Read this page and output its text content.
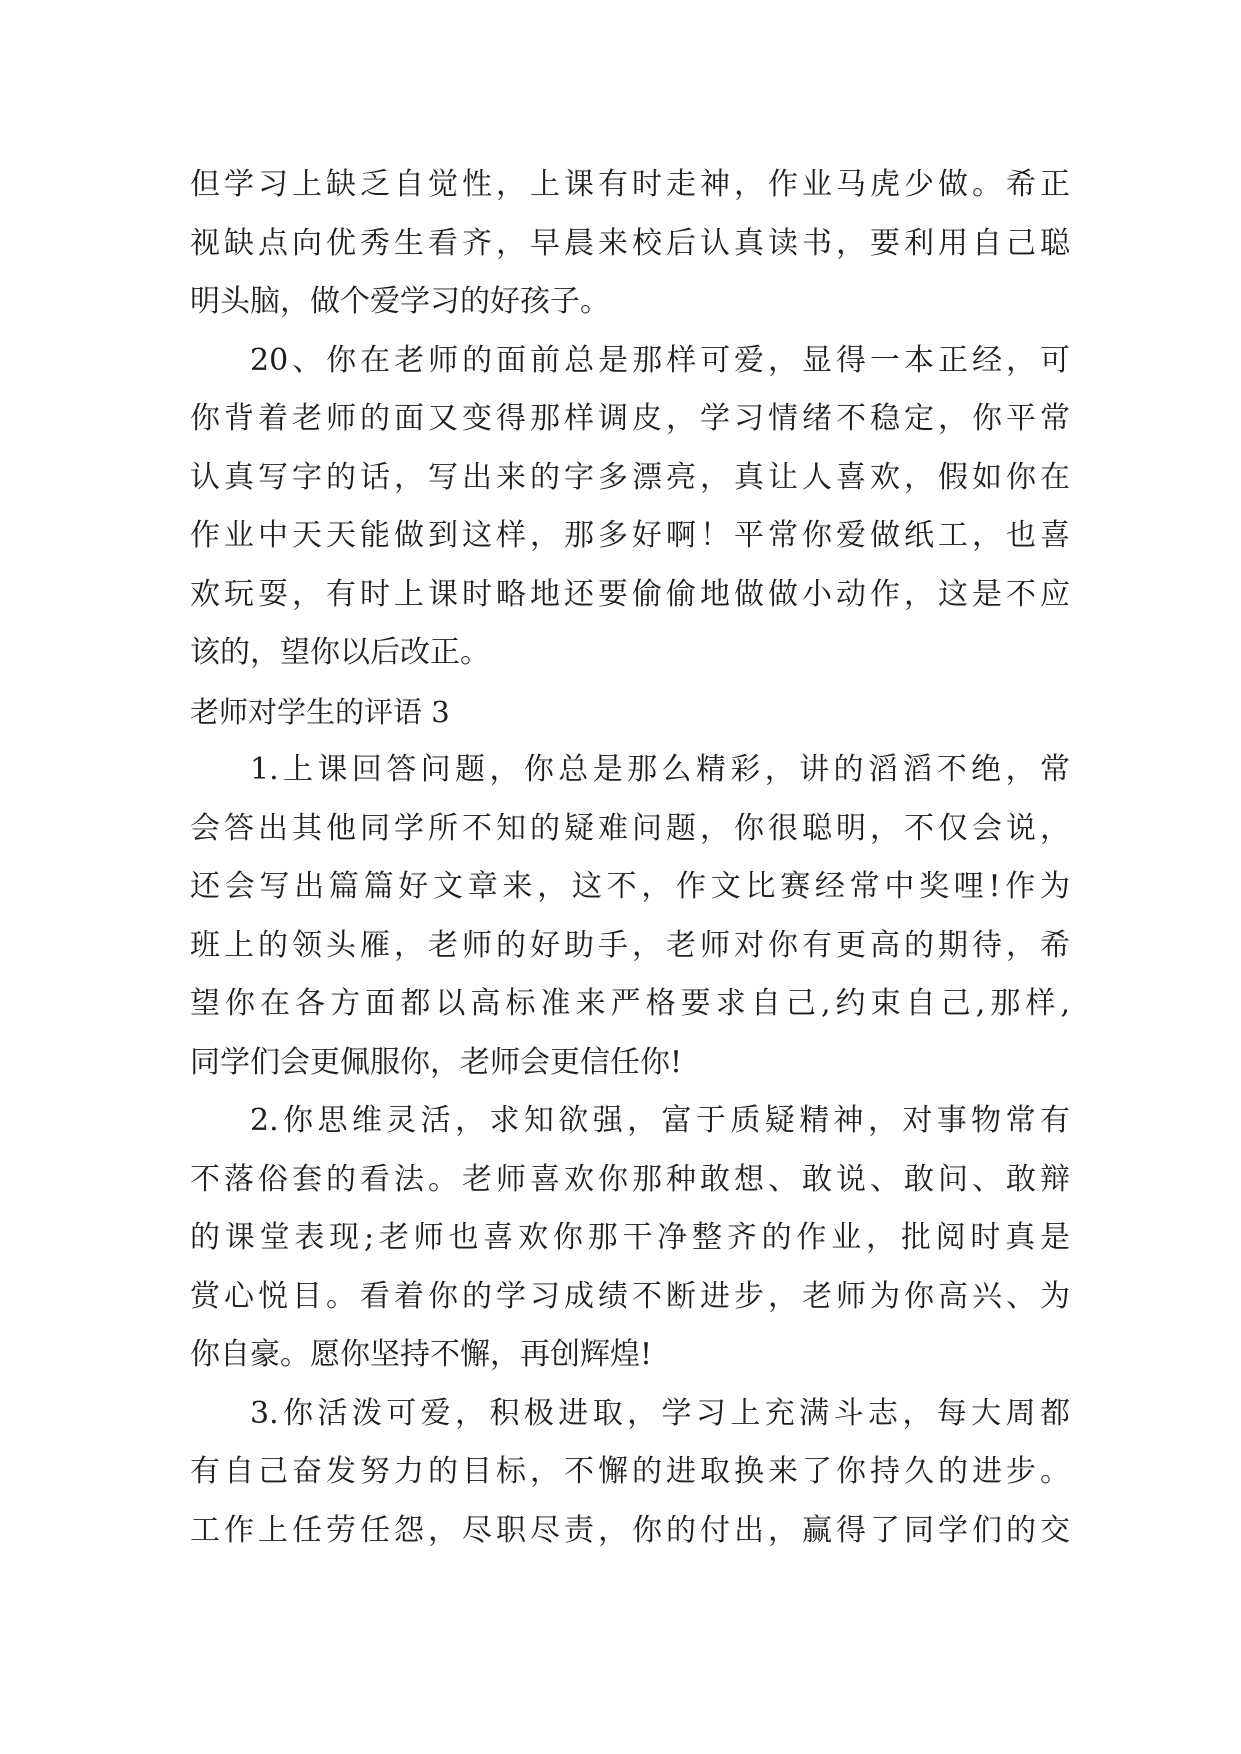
但学习上缺乏自觉性，上课有时走神，作业马虎少做。希正
视缺点向优秀生看齐，早晨来校后认真读书，要利用自己聪
明头脑，做个爱学习的好孩子。
20、你在老师的面前总是那样可爱，显得一本正经，可
你背着老师的面又变得那样调皮，学习情绪不稳定，你平常
认真写字的话，写出来的字多漂亮，真让人喜欢，假如你在
作业中天天能做到这样，那多好啊！平常你爱做纸工，也喜
欢玩耍，有时上课时略地还要偷偷地做做小动作，这是不应
该的，望你以后改正。
老师对学生的评语 3
1.上课回答问题，你总是那么精彩，讲的滔滔不绝，常
会答出其他同学所不知的疑难问题，你很聪明，不仅会说，
还会写出篇篇好文章来，这不，作文比赛经常中奖哩!作为
班上的领头雁，老师的好助手，老师对你有更高的期待，希
望你在各方面都以高标准来严格要求自己,约束自己,那样,
同学们会更佩服你，老师会更信任你!
2.你思维灵活，求知欲强，富于质疑精神，对事物常有
不落俗套的看法。老师喜欢你那种敢想、敢说、敢问、敢辩
的课堂表现;老师也喜欢你那干净整齐的作业，批阅时真是
赏心悦目。看着你的学习成绩不断进步，老师为你高兴、为
你自豪。愿你坚持不懈，再创辉煌!
3.你活泼可爱，积极进取，学习上充满斗志，每大周都
有自己奋发努力的目标，不懈的进取换来了你持久的进步。
工作上任劳任怨，尽职尽责，你的付出，赢得了同学们的交
